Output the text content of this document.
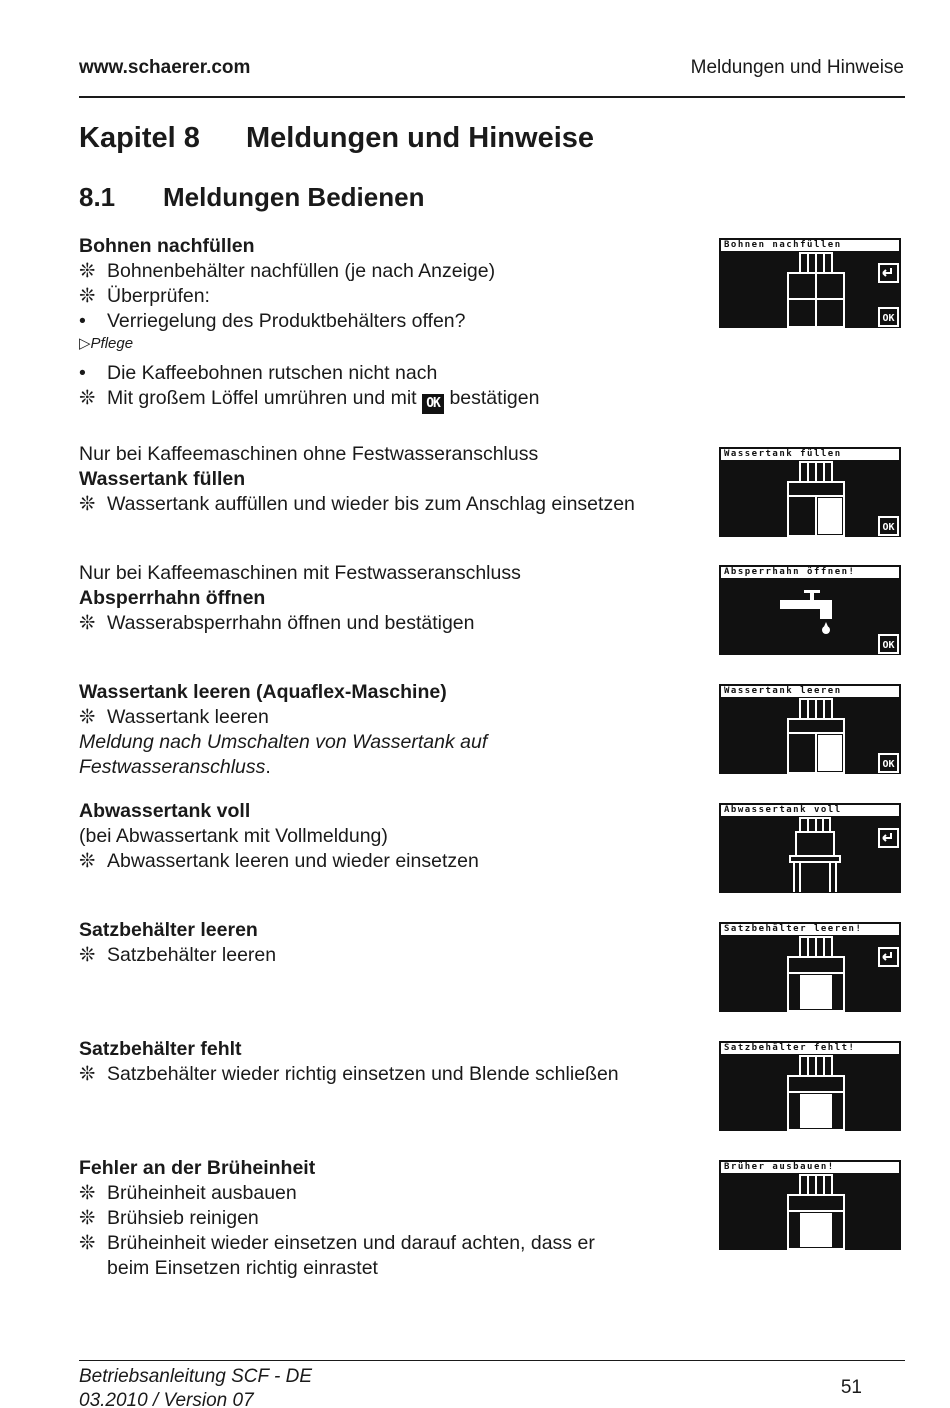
www.schaerer.com	Meldungen und Hinweise
Kapitel 8 Meldungen und Hinweise
8.1 Meldungen Bedienen
Bohnen nachfüllen
❊ Bohnenbehälter nachfüllen (je nach Anzeige)
❊ Überprüfen:
•	Verriegelung des Produktbehälters offen?
▷Pflege
•	Die Kaffeebohnen rutschen nicht nach
❊ Mit großem Löffel umrühren und mit OK bestätigen
Nur bei Kaffeemaschinen ohne Festwasseranschluss
Wassertank füllen
❊ Wassertank auffüllen und wieder bis zum Anschlag einsetzen
Nur bei Kaffeemaschinen mit Festwasseranschluss
Absperrhahn öffnen
❊ Wasserabsperrhahn öffnen und bestätigen
Wassertank leeren (Aquaflex-Maschine)
❊ Wassertank leeren
Meldung nach Umschalten von Wassertank auf
Festwasseranschluss.
Abwassertank voll
(bei Abwassertank mit Vollmeldung)
❊ Abwassertank leeren und wieder einsetzen
Satzbehälter leeren
❊ Satzbehälter leeren
Satzbehälter fehlt
❊ Satzbehälter wieder richtig einsetzen und Blende schließen
Fehler an der Brüheinheit
❊ Brüheinheit ausbauen
❊ Brühsieb reinigen
❊ Brüheinheit wieder einsetzen und darauf achten, dass er
beim Einsetzen richtig einrastet
Bohnen nachfüllen
OK
Wassertank füllen
OK
Absperrhahn öffnen!
OK
Wassertank leeren
OK
Abwassertank voll
Satzbehälter leeren!
Satzbehälter fehlt!
Brüher ausbauen!
Betriebsanleitung SCF - DE
03.2010 / Version 07
51
